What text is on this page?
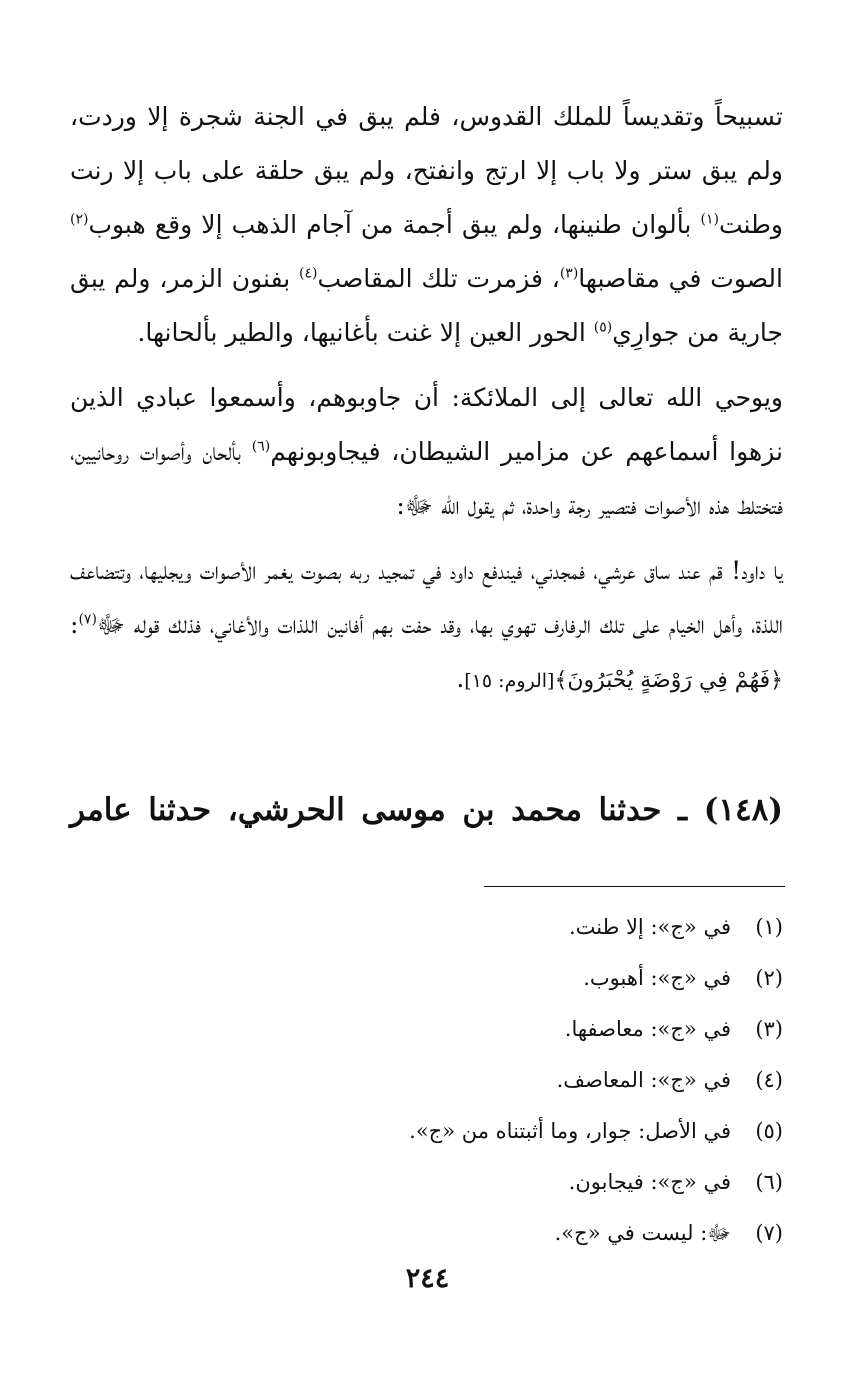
تسبيحاً وتقديساً للملك القدوس، فلم يبق في الجنة شجرة إلا وردت، ولم يبق ستر ولا باب إلا ارتج وانفتح، ولم يبق حلقة على باب إلا رنت وطنت$^{(١)}$ بألوان طنينها، ولم يبق أجمة من آجام الذهب إلا وقع هبوب$^{(٢)}$ الصوت في مقاصبها$^{(٣)}$، فزمرت تلك المقاصب$^{(٤)}$ بفنون الزمر، ولم يبق جارية من جوارِي$^{(٥)}$ الحور العين إلا غنت بأغانيها، والطير بألحانها.

ويوحي الله تعالى إلى الملائكة: أن جاوبوهم، وأسمعوا عبادي الذين نزهوا أسماعهم عن مزامير الشيطان، فيجاوبونهم$^{(٦)}$ بألحان وأصوات روحانيين، فتختلط هذه الأصوات فتصير رجة واحدة، ثم يقول الله ﷻ:

يا داود! قم عند ساق عرشي، فمجدني، فيندفع داود في تمجيد ربه بصوت يغمر الأصوات ويجليها، وتتضاعف اللذة، وأهل الخيام على تلك الرفارف تهوي بها، وقد حفت بهم أفانين اللذات والأغاني، فذلك قوله ﷻ$^{(٧)}$: ﴿فَهُمْ فِي رَوْضَةٍ يُحْبَرُونَ﴾[الروم: ١٥].

(١٤٨) ـ حدثنا محمد بن موسى الحرشي، حدثنا عامر

(١)
في «ج»: إلا طنت.
(٢)
في «ج»: أهبوب.
(٣)
في «ج»: معاصفها.
(٤)
في «ج»: المعاصف.
(٥)
في الأصل: جوار، وما أثبتناه من «ج».
(٦)
في «ج»: فيجابون.
(٧)
ﷻ: ليست في «ج».
٢٤٤
